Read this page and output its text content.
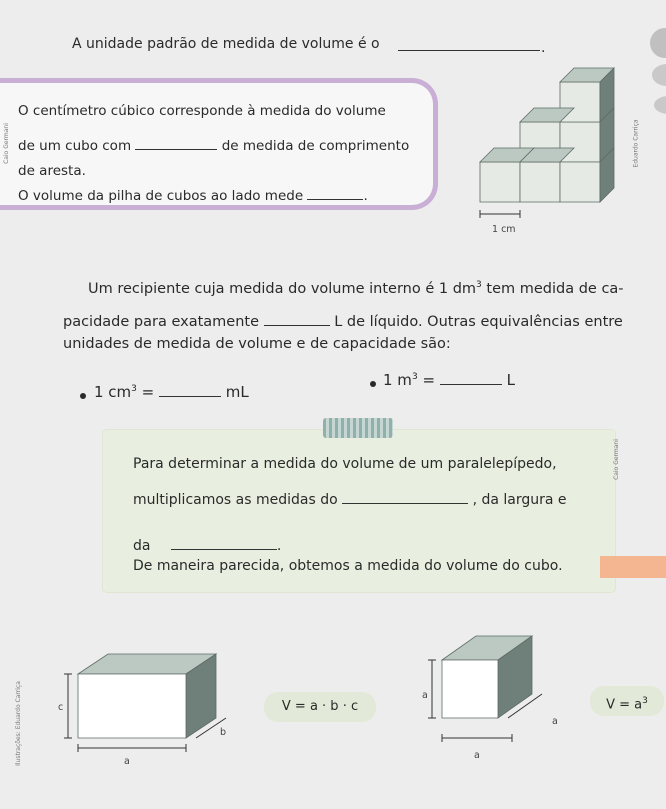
A unidade padrão de medida de volume é o	.
O centímetro cúbico corresponde à medida do volume
de um cubo com	de medida de comprimento
de aresta.
O volume da pilha de cubos ao lado mede	.
Caio Germani
1 cm
Eduardo Carriça
Um recipiente cuja medida do volume interno é 1 $dm^3$ tem medida de ca-
pacidade para exatamente	L de líquido. Outras equivalências entre
unidades de medida de volume e de capacidade são:
1 $cm^3$ =	mL
1 $m^3$ =	L
Para determinar a medida do volume de um paralelepípedo,
multiplicamos as medidas do	, da largura e
da	.
De maneira parecida, obtemos a medida do volume do cubo.
Caio Germani
c
b
a
Ilustrações: Eduardo Carriça	V = a · b · c
a
a
a
$V = a^3$
